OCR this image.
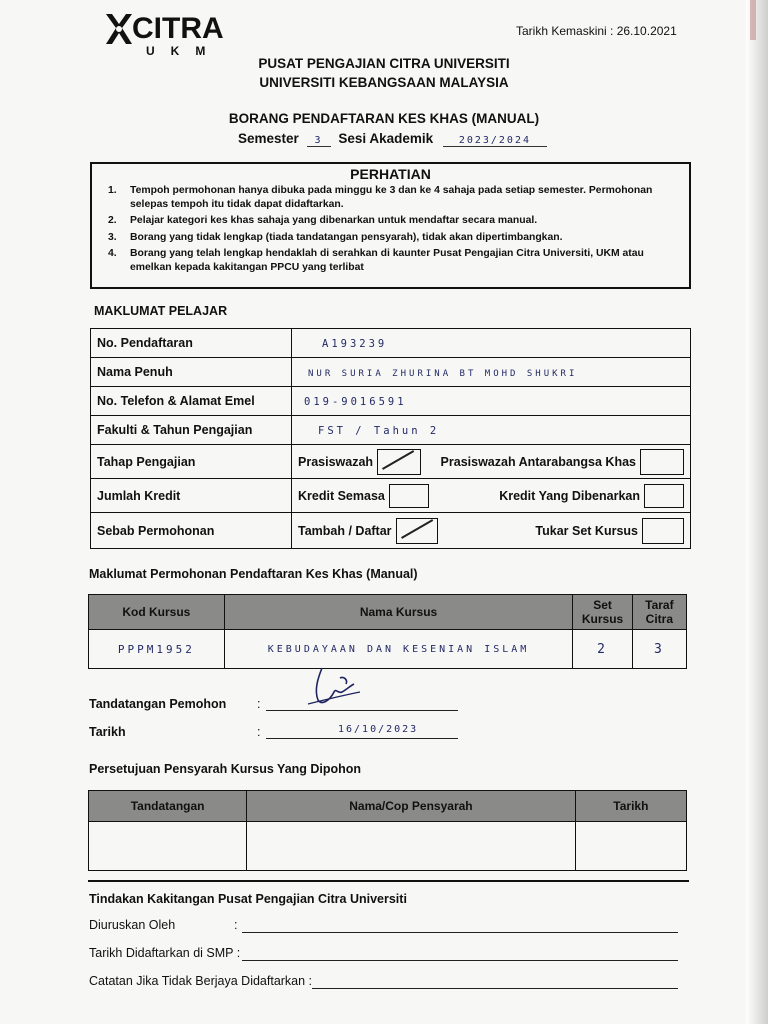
CITRA
UKM
Tarikh Kemaskini : 26.10.2021
PUSAT PENGAJIAN CITRA UNIVERSITI
UNIVERSITI KEBANGSAAN MALAYSIA
BORANG PENDAFTARAN KES KHAS (MANUAL)
Semester 3 Sesi Akademik	2023/2024
PERHATIAN
1. Tempoh permohonan hanya dibuka pada minggu ke 3 dan ke 4 sahaja pada setiap semester. Permohonan selepas tempoh itu tidak dapat didaftarkan.
2. Pelajar kategori kes khas sahaja yang dibenarkan untuk mendaftar secara manual.
3. Borang yang tidak lengkap (tiada tandatangan pensyarah), tidak akan dipertimbangkan.
4. Borang yang telah lengkap hendaklah di serahkan di kaunter Pusat Pengajian Citra Universiti, UKM atau emelkan kepada kakitangan PPCU yang terlibat
MAKLUMAT PELAJAR
No. Pendaftaran	A193239
Nama Penuh	NUR SURIA ZHURINA BT MOHD SHUKRI
No. Telefon & Alamat Emel	019-9016591
Fakulti & Tahun Pengajian	FST / Tahun 2
Tahap Pengajian	Prasiswazah Prasiswazah Antarabangsa Khas

Jumlah Kredit	Kredit Semasa Kredit Yang Dibenarkan

Sebab Permohonan	Tambah / Daftar Tukar Set Kursus
Maklumat Permohonan Pendaftaran Kes Khas (Manual)
Kod Kursus	Nama Kursus	Set Kursus	Taraf Citra
PPPM1952	KEBUDAYAAN DAN KESENIAN ISLAM	2	3
Tandatangan Pemohon :
Tarikh	:	16/10/2023
Persetujuan Pensyarah Kursus Yang Dipohon
Tandatangan	Nama/Cop Pensyarah	Tarikh

Tindakan Kakitangan Pusat Pengajian Citra Universiti
Diuruskan Oleh	:
Tarikh Didaftarkan di SMP :
Catatan Jika Tidak Berjaya Didaftarkan :
